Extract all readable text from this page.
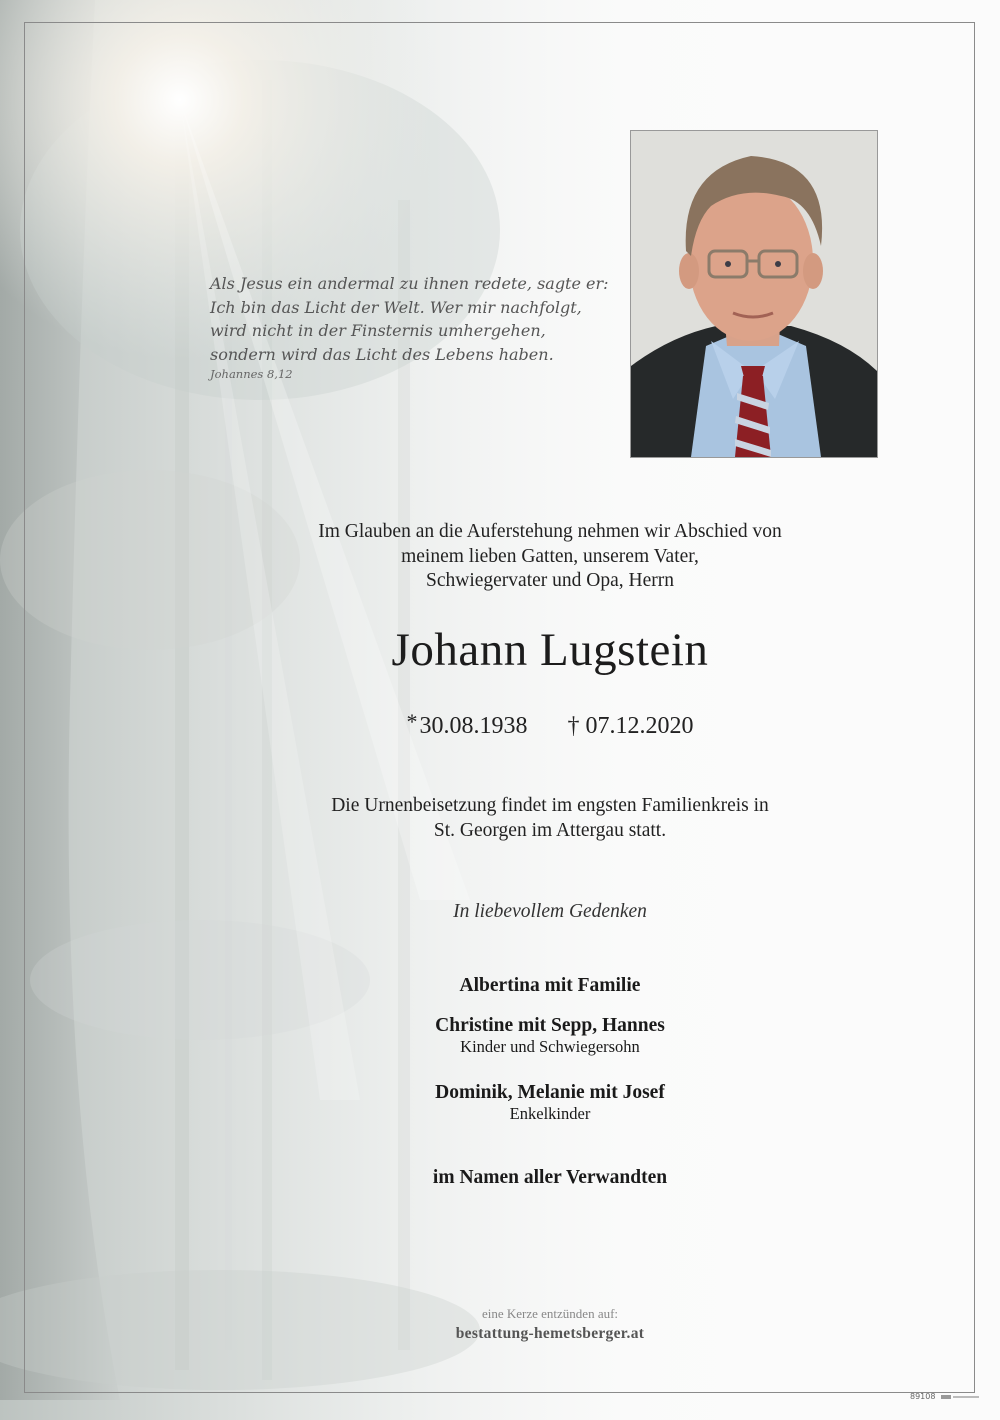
Als Jesus ein andermal zu ihnen redete, sagte er:
Ich bin das Licht der Welt. Wer mir nachfolgt,
wird nicht in der Finsternis umhergehen,
sondern wird das Licht des Lebens haben.
Johannes 8,12
Im Glauben an die Auferstehung nehmen wir Abschied von
meinem lieben Gatten, unserem Vater,
Schwiegervater und Opa, Herrn
Johann Lugstein
*30.08.1938 † 07.12.2020
Die Urnenbeisetzung findet im engsten Familienkreis in
St. Georgen im Attergau statt.
In liebevollem Gedenken
Albertina mit Familie
Christine mit Sepp, Hannes
Kinder und Schwiegersohn
Dominik, Melanie mit Josef
Enkelkinder
im Namen aller Verwandten
eine Kerze entzünden auf:
bestattung-hemetsberger.at
89108
